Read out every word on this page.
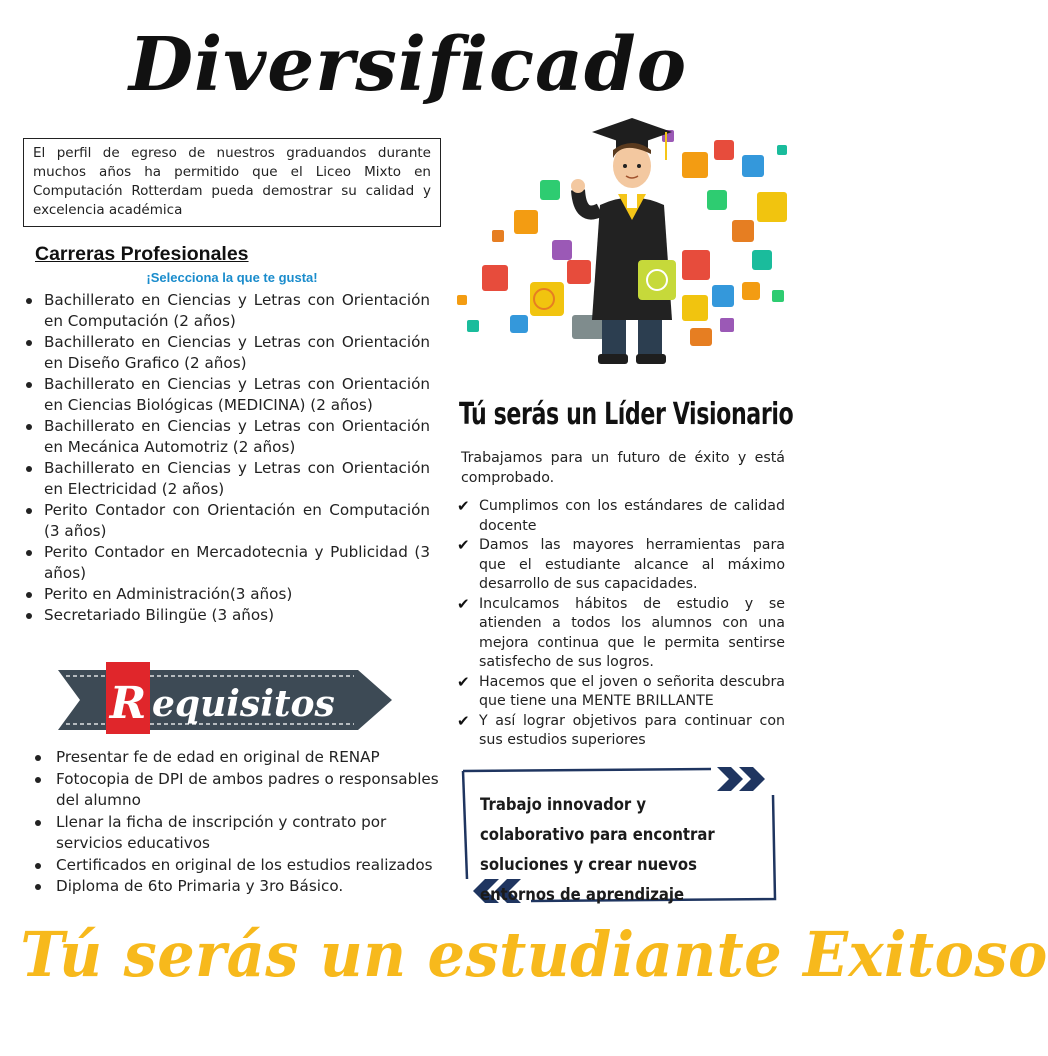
Diversificado
El perfil de egreso de nuestros graduandos durante muchos años ha permitido que el Liceo Mixto en Computación Rotterdam pueda demostrar su calidad y excelencia académica
Carreras Profesionales
¡Selecciona la que te gusta!
Bachillerato en Ciencias y Letras con Orientación en Computación (2 años)
Bachillerato en Ciencias y Letras con Orientación en Diseño Grafico (2 años)
Bachillerato en Ciencias y Letras con Orientación en Ciencias Biológicas (MEDICINA) (2 años)
Bachillerato en Ciencias y Letras con Orientación en Mecánica Automotriz (2 años)
Bachillerato en Ciencias y Letras con Orientación en Electricidad (2 años)
Perito Contador con Orientación en Computación (3 años)
Perito Contador en Mercadotecnia y Publicidad (3 años)
Perito en Administración(3 años)
Secretariado Bilingüe (3 años)
R equisitos
Presentar fe de edad en original de RENAP
Fotocopia de DPI de ambos padres o responsables del alumno
Llenar la ficha de inscripción y contrato por servicios educativos
Certificados en original de los estudios realizados
Diploma de 6to Primaria y 3ro Básico.
Tú serás un Líder Visionario
Trabajamos para un futuro de éxito y está comprobado.
✔ Cumplimos con los estándares de calidad docente
✔ Damos las mayores herramientas para que el estudiante alcance al máximo desarrollo de sus capacidades.
✔ Inculcamos hábitos de estudio y se atienden a todos los alumnos con una mejora continua que le permita sentirse satisfecho de sus logros.
✔ Hacemos que el joven o señorita descubra que tiene una MENTE BRILLANTE
✔ Y así lograr objetivos para continuar con sus estudios superiores
Trabajo innovador y colaborativo para encontrar soluciones y crear nuevos entornos de aprendizaje
Tú serás un estudiante Exitoso
